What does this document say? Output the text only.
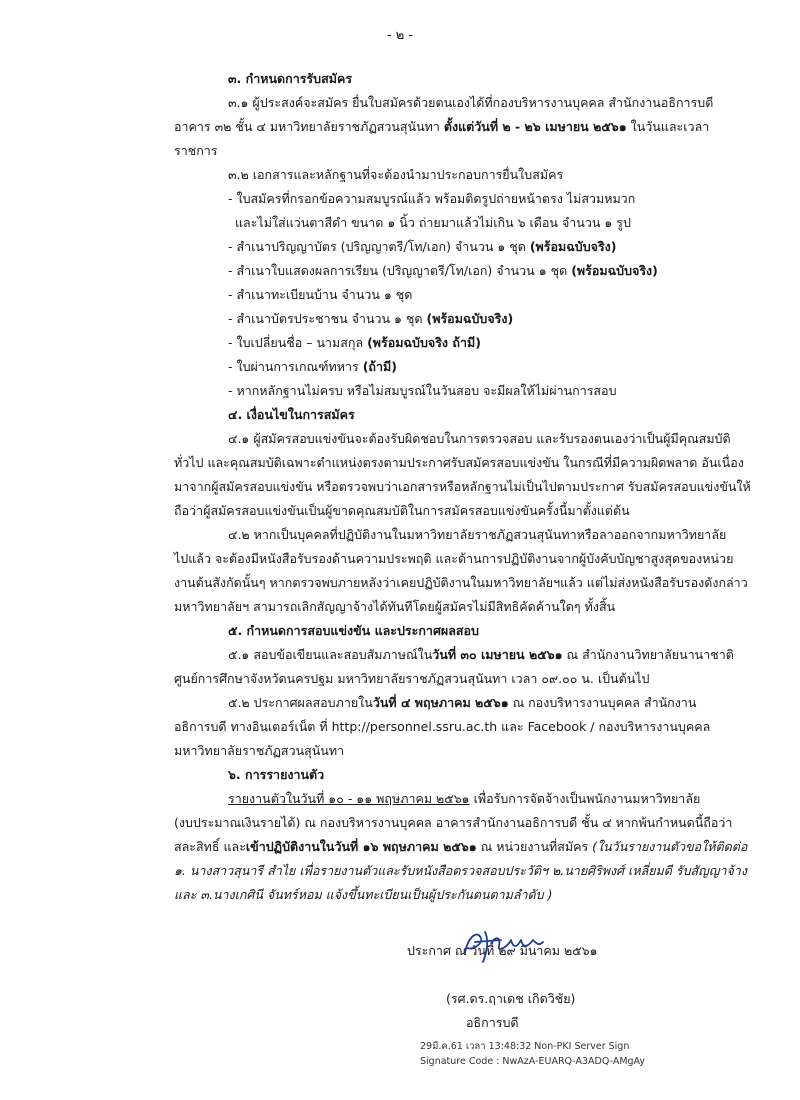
- ๒ -
๓. กำหนดการรับสมัคร
๓.๑ ผู้ประสงค์จะสมัคร ยื่นใบสมัครด้วยตนเองได้ที่กองบริหารงานบุคคล สำนักงานอธิการบดี
อาคาร ๓๒ ชั้น ๔ มหาวิทยาลัยราชภัฏสวนสุนันทา ตั้งแต่วันที่ ๒ - ๒๖ เมษายน ๒๕๖๑ ในวันและเวลา
ราชการ
๓.๒ เอกสารและหลักฐานที่จะต้องนำมาประกอบการยื่นใบสมัคร
- ใบสมัครที่กรอกข้อความสมบูรณ์แล้ว พร้อมติดรูปถ่ายหน้าตรง ไม่สวมหมวก
และไม่ใส่แว่นตาสีดำ ขนาด ๑ นิ้ว ถ่ายมาแล้วไม่เกิน ๖ เดือน จำนวน ๑ รูป
- สำเนาปริญญาบัตร (ปริญญาตรี/โท/เอก) จำนวน ๑ ชุด (พร้อมฉบับจริง)
- สำเนาใบแสดงผลการเรียน (ปริญญาตรี/โท/เอก) จำนวน ๑ ชุด (พร้อมฉบับจริง)
- สำเนาทะเบียนบ้าน จำนวน ๑ ชุด
- สำเนาบัตรประชาชน จำนวน ๑ ชุด (พร้อมฉบับจริง)
- ใบเปลี่ยนชื่อ – นามสกุล (พร้อมฉบับจริง ถ้ามี)
- ใบผ่านการเกณฑ์ทหาร (ถ้ามี)
- หากหลักฐานไม่ครบ หรือไม่สมบูรณ์ในวันสอบ จะมีผลให้ไม่ผ่านการสอบ
๔. เงื่อนไขในการสมัคร
๔.๑ ผู้สมัครสอบแข่งขันจะต้องรับผิดชอบในการตรวจสอบ และรับรองตนเองว่าเป็นผู้มีคุณสมบัติ
ทั่วไป และคุณสมบัติเฉพาะตำแหน่งตรงตามประกาศรับสมัครสอบแข่งขัน ในกรณีที่มีความผิดพลาด อันเนื่อง
มาจากผู้สมัครสอบแข่งขัน หรือตรวจพบว่าเอกสารหรือหลักฐานไม่เป็นไปตามประกาศ รับสมัครสอบแข่งขันให้
ถือว่าผู้สมัครสอบแข่งขันเป็นผู้ขาดคุณสมบัติในการสมัครสอบแข่งขันครั้งนี้มาตั้งแต่ต้น
๔.๒ หากเป็นบุคคลที่ปฏิบัติงานในมหาวิทยาลัยราชภัฏสวนสุนันทาหรือลาออกจากมหาวิทยาลัย
ไปแล้ว จะต้องมีหนังสือรับรองด้านความประพฤติ และด้านการปฏิบัติงานจากผู้บังคับบัญชาสูงสุดของหน่วย
งานต้นสังกัดนั้นๆ หากตรวจพบภายหลังว่าเคยปฏิบัติงานในมหาวิทยาลัยฯแล้ว แต่ไม่ส่งหนังสือรับรองดังกล่าว
มหาวิทยาลัยฯ สามารถเลิกสัญญาจ้างได้ทันทีโดยผู้สมัครไม่มีสิทธิคัดค้านใดๆ ทั้งสิ้น
๕. กำหนดการสอบแข่งขัน และประกาศผลสอบ
๕.๑ สอบข้อเขียนและสอบสัมภาษณ์ในวันที่ ๓๐ เมษายน ๒๕๖๑ ณ สำนักงานวิทยาลัยนานาชาติ
ศูนย์การศึกษาจังหวัดนครปฐม มหาวิทยาลัยราชภัฏสวนสุนันทา เวลา ๐๙.๐๐ น. เป็นต้นไป
๕.๒ ประกาศผลสอบภายในวันที่ ๔ พฤษภาคม ๒๕๖๑ ณ กองบริหารงานบุคคล สำนักงาน
อธิการบดี ทางอินเตอร์เน็ต ที่ http://personnel.ssru.ac.th และ Facebook / กองบริหารงานบุคคล
มหาวิทยาลัยราชภัฏสวนสุนันทา
๖. การรายงานตัว
รายงานตัวในวันที่ ๑๐ - ๑๑ พฤษภาคม ๒๕๖๑ เพื่อรับการจัดจ้างเป็นพนักงานมหาวิทยาลัย
(งบประมาณเงินรายได้) ณ กองบริหารงานบุคคล อาคารสำนักงานอธิการบดี ชั้น ๔ หากพ้นกำหนดนี้ถือว่า
สละสิทธิ์ และเข้าปฏิบัติงานในวันที่ ๑๖ พฤษภาคม ๒๕๖๑ ณ หน่วยงานที่สมัคร (ในวันรายงานตัวขอให้ติดต่อ
๑. นางสาวสุนารี สำไย เพื่อรายงานตัวและรับหนังสือตรวจสอบประวัติฯ ๒.นายศิริพงศ์ เหลี่ยมดี รับสัญญาจ้าง
และ ๓.นางเกศินี จันทร์หอม แจ้งขึ้นทะเบียนเป็นผู้ประกันตนตามลำดับ )
ประกาศ ณ วันที่ ๒๙ มีนาคม ๒๕๖๑
(รศ.ดร.ฤาเดช เกิดวิชัย)
อธิการบดี
29มี.ค.61 เวลา 13:48:32 Non-PKI Server Sign
Signature Code : NwAzA-EUARQ-A3ADQ-AMgAy
